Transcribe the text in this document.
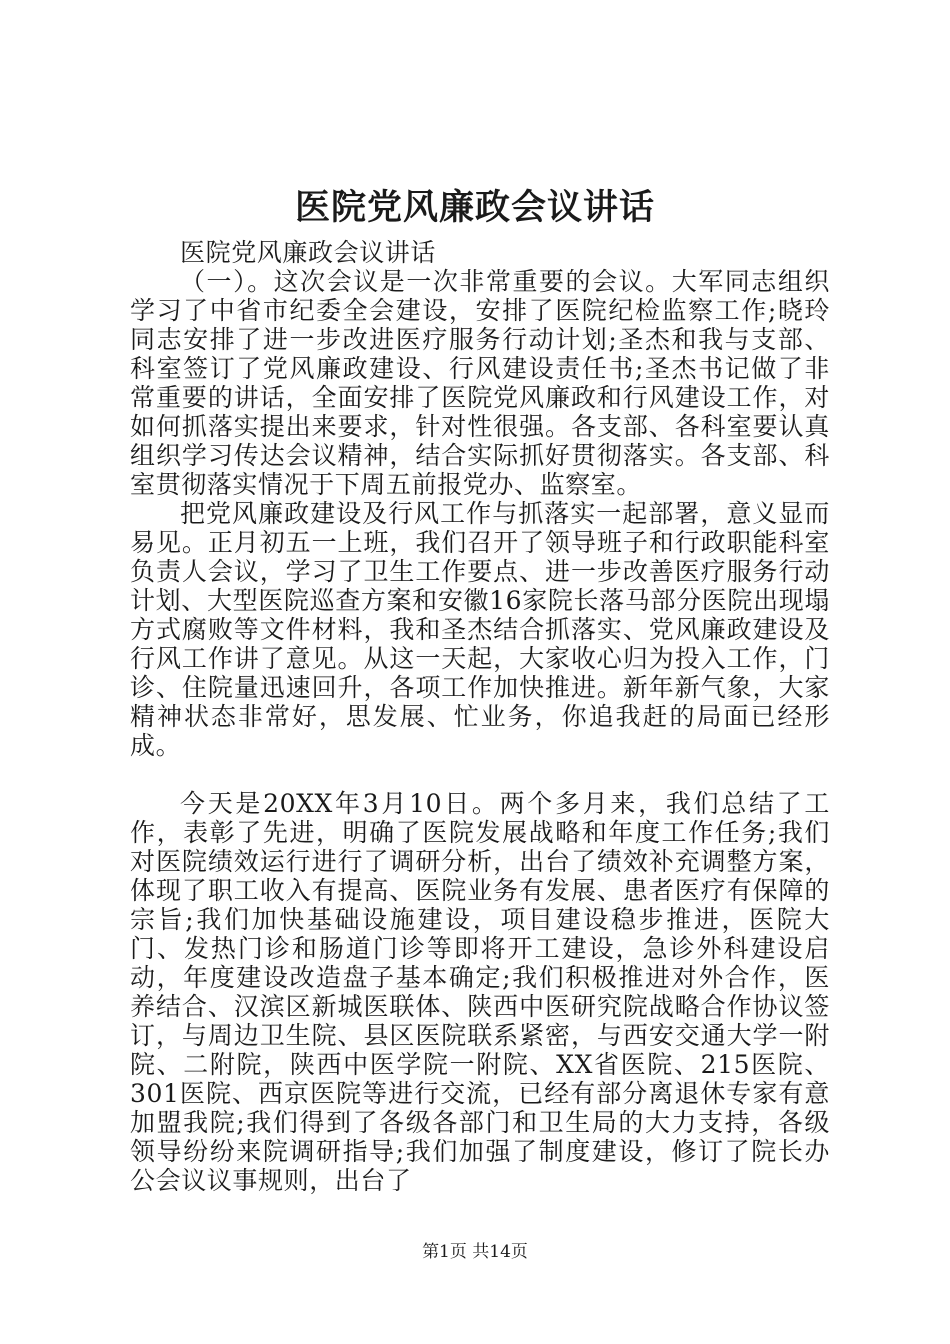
医院党风廉政会议讲话

医院党风廉政会议讲话

（一）。这次会议是一次非常重要的会议。大军同志组织学习了中省市纪委全会建设，安排了医院纪检监察工作;晓玲同志安排了进一步改进医疗服务行动计划;圣杰和我与支部、科室签订了党风廉政建设、行风建设责任书;圣杰书记做了非常重要的讲话，全面安排了医院党风廉政和行风建设工作，对如何抓落实提出来要求，针对性很强。各支部、各科室要认真组织学习传达会议精神，结合实际抓好贯彻落实。各支部、科室贯彻落实情况于下周五前报党办、监察室。

把党风廉政建设及行风工作与抓落实一起部署，意义显而易见。正月初五一上班，我们召开了领导班子和行政职能科室负责人会议，学习了卫生工作要点、进一步改善医疗服务行动计划、大型医院巡查方案和安徽16家院长落马部分医院出现塌方式腐败等文件材料，我和圣杰结合抓落实、党风廉政建设及行风工作讲了意见。从这一天起，大家收心归为投入工作，门诊、住院量迅速回升，各项工作加快推进。新年新气象，大家精神状态非常好，思发展、忙业务，你追我赶的局面已经形成。

今天是20XX年3月10日。两个多月来，我们总结了工作，表彰了先进，明确了医院发展战略和年度工作任务;我们对医院绩效运行进行了调研分析，出台了绩效补充调整方案，体现了职工收入有提高、医院业务有发展、患者医疗有保障的宗旨;我们加快基础设施建设，项目建设稳步推进，医院大门、发热门诊和肠道门诊等即将开工建设，急诊外科建设启动，年度建设改造盘子基本确定;我们积极推进对外合作，医养结合、汉滨区新城医联体、陕西中医研究院战略合作协议签订，与周边卫生院、县区医院联系紧密，与西安交通大学一附院、二附院，陕西中医学院一附院、XX省医院、215医院、301医院、西京医院等进行交流，已经有部分离退休专家有意加盟我院;我们得到了各级各部门和卫生局的大力支持，各级领导纷纷来院调研指导;我们加强了制度建设，修订了院长办公会议议事规则，出台了

第1页 共14页
